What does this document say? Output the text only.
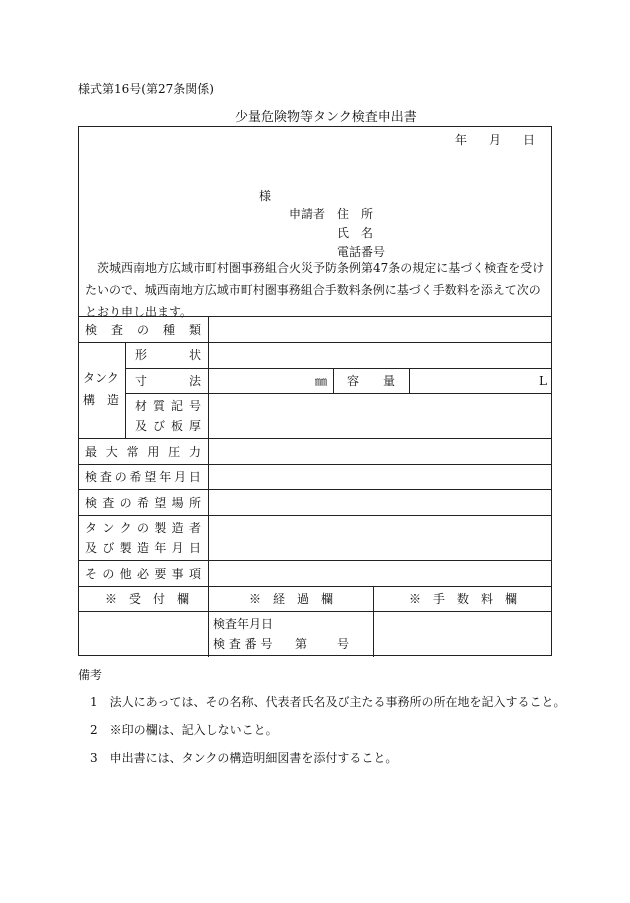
様式第16号(第27条関係)
少量危険物等タンク検査申出書
年 月 日
様
申請者 住　所
氏　名
電話番号
　茨城西南地方広域市町村圏事務組合火災予防条例第47条の規定に基づく検査を受けたいので、城西南地方広域市町村圏事務組合手数料条例に基づく手数料を添えて次のとおり申し出ます。
検 査 の 種 類
タンク
構　造
形	状
寸	法	㎜ 容 量	L
材 質 記 号
及 び 板 厚
最 大 常 用 圧 力
検 査 の 希 望 年 月 日
検 査 の 希 望 場 所
タ ン ク の 製 造 者
及 び 製 造 年 月 日
そ の 他 必 要 事 項
※　受　付　欄	※　経　過　欄	※　手　数　料　欄
検査年月日
検 査 番 号 第 号
備考

1　法人にあっては、その名称、代表者氏名及び主たる事務所の所在地を記入すること。

2　※印の欄は、記入しないこと。

3　申出書には、タンクの構造明細図書を添付すること。
